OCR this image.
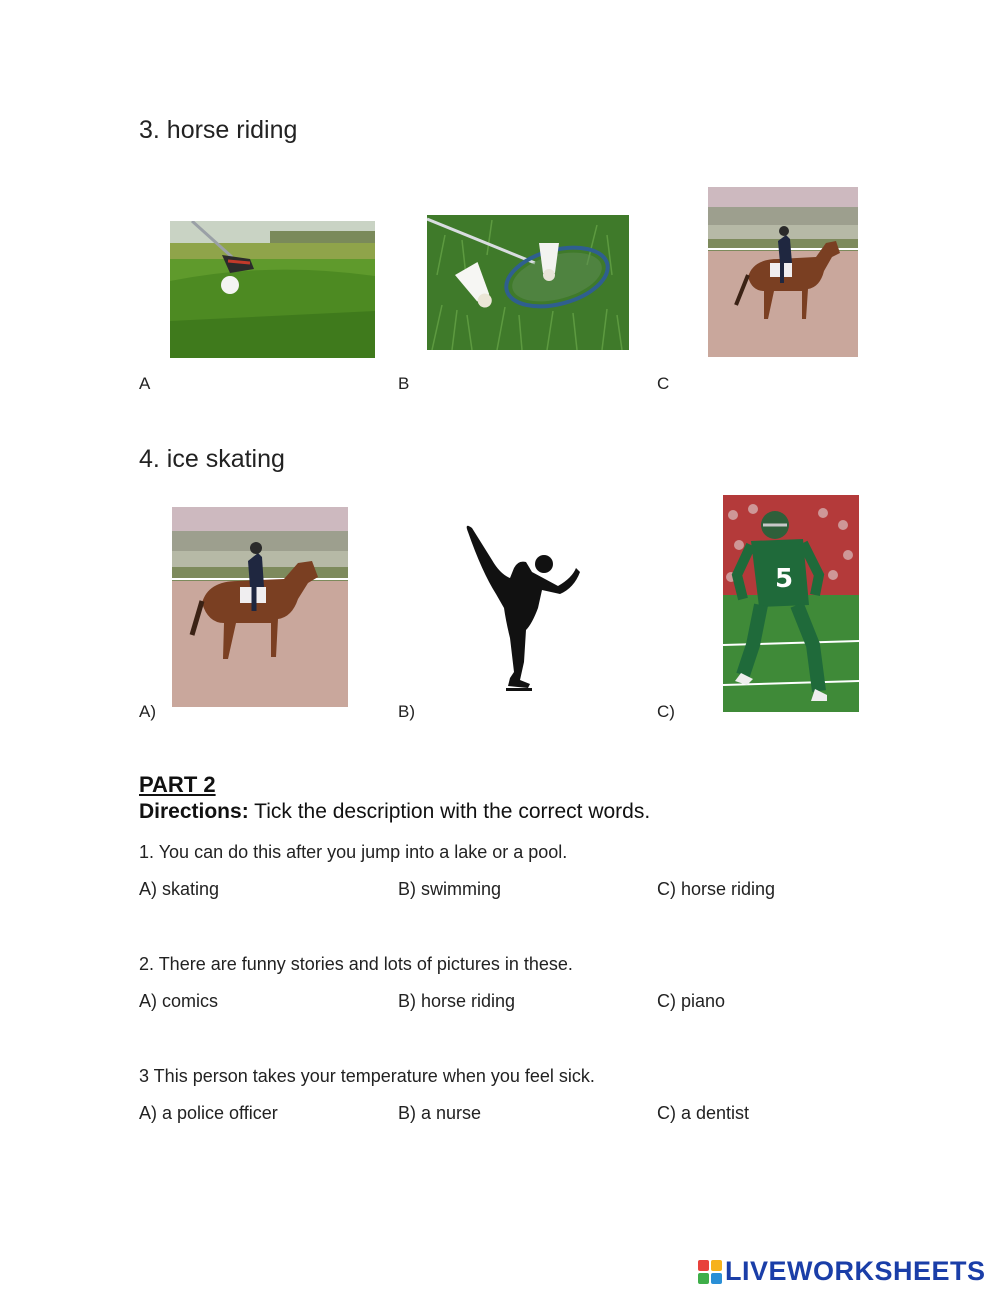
3. horse riding
A	B	C
4. ice skating
5
A)	B)	C)
PART 2
Directions: Tick the description with the correct words.
1. You can do this after you jump into a lake or a pool.
A) skating	B) swimming	C) horse riding
2. There are funny stories and lots of pictures in these.
A) comics	B) horse riding	C) piano
3 This person takes your temperature when you feel sick.
A) a police officer	B) a nurse	C) a dentist
LIVEWORKSHEETS
